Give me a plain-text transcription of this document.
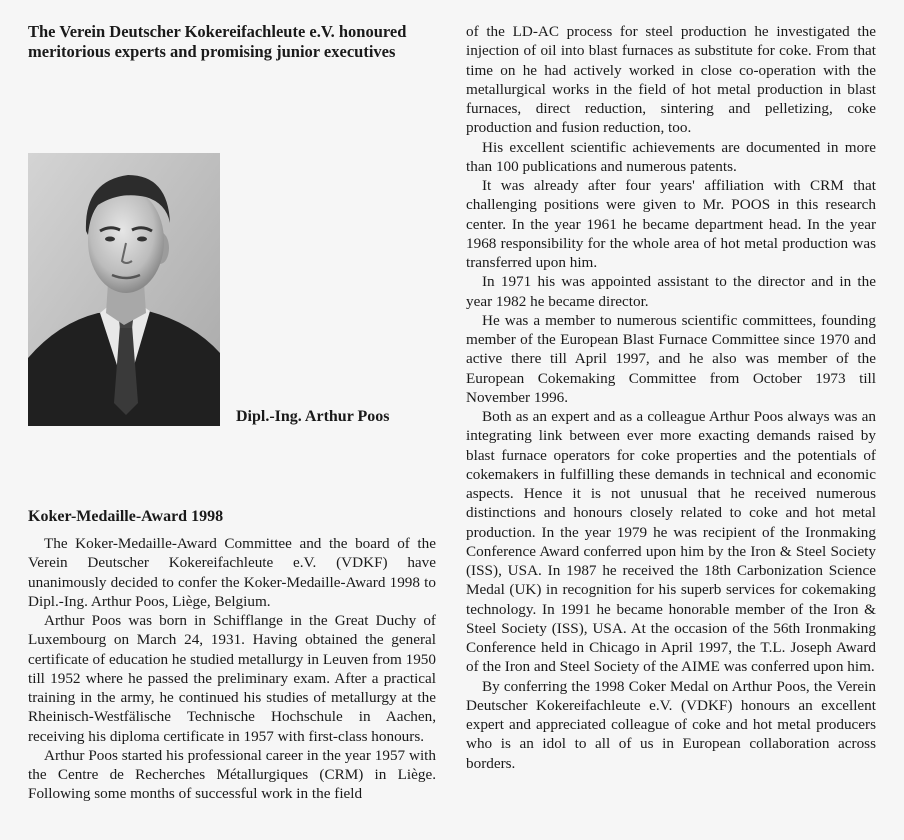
The Verein Deutscher Kokereifachleute e.V. honoured meritorious experts and promising junior executives
Dipl.-Ing. Arthur Poos
Koker-Medaille-Award 1998

The Koker-Medaille-Award Committee and the board of the Verein Deutscher Kokereifachleute e.V. (VDKF) have unanimously decided to confer the Koker-Medaille-Award 1998 to Dipl.-Ing. Arthur Poos, Liège, Belgium.

Arthur Poos was born in Schifflange in the Great Duchy of Luxembourg on March 24, 1931. Having obtained the general certificate of education he studied metallurgy in Leuven from 1950 till 1952 where he passed the preliminary exam. After a practical training in the army, he continued his studies of metallurgy at the Rheinisch-Westfälische Technische Hochschule in Aachen, receiving his diploma certificate in 1957 with first-class honours.

Arthur Poos started his professional career in the year 1957 with the Centre de Recherches Métallurgiques (CRM) in Liège. Following some months of successful work in the field

of the LD-AC process for steel production he investigated the injection of oil into blast furnaces as substitute for coke. From that time on he had actively worked in close co-operation with the metallurgical works in the field of hot metal production in blast furnaces, direct reduction, sintering and pelletizing, coke production and fusion reduction, too.

His excellent scientific achievements are documented in more than 100 publications and numerous patents.

It was already after four years' affiliation with CRM that challenging positions were given to Mr. POOS in this research center. In the year 1961 he became department head. In the year 1968 responsibility for the whole area of hot metal production was transferred upon him.

In 1971 his was appointed assistant to the director and in the year 1982 he became director.

He was a member to numerous scientific committees, founding member of the European Blast Furnace Committee since 1970 and active there till April 1997, and he also was member of the European Cokemaking Committee from October 1973 till November 1996.

Both as an expert and as a colleague Arthur Poos always was an integrating link between ever more exacting demands raised by blast furnace operators for coke properties and the potentials of cokemakers in fulfilling these demands in technical and economic aspects. Hence it is not unusual that he received numerous distinctions and honours closely related to coke and hot metal production. In the year 1979 he was recipient of the Ironmaking Conference Award conferred upon him by the Iron & Steel Society (ISS), USA. In 1987 he received the 18th Carbonization Science Medal (UK) in recognition for his superb services for cokemaking technology. In 1991 he became honorable member of the Iron & Steel Society (ISS), USA. At the occasion of the 56th Ironmaking Conference held in Chicago in April 1997, the T.L. Joseph Award of the Iron and Steel Society of the AIME was conferred upon him.

By conferring the 1998 Coker Medal on Arthur Poos, the Verein Deutscher Kokereifachleute e.V. (VDKF) honours an excellent expert and appreciated colleague of coke and hot metal producers who is an idol to all of us in European collaboration across borders.
